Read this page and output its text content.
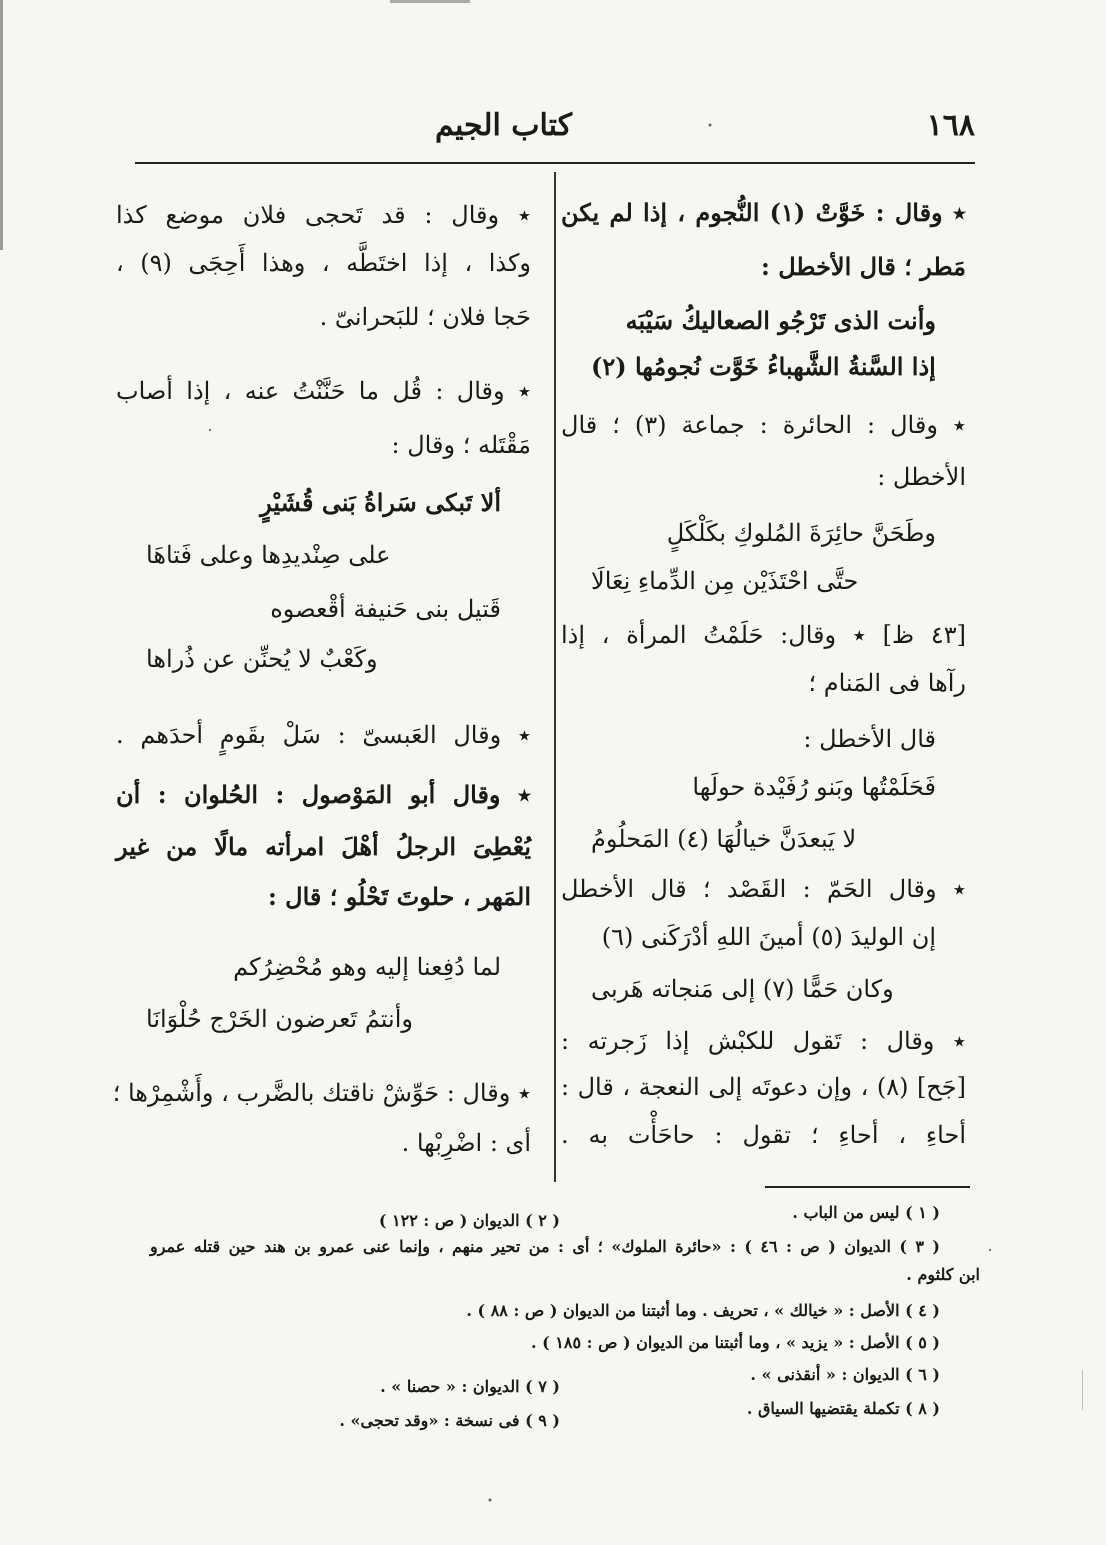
١٦٨
كتاب الجيم
٭ وقال : خَوَّتْ (١) النُّجوم ، إذا لم يكن
مَطر ؛ قال الأخطل :
وأنت الذى تَرْجُو الصعاليكُ سَيْبَه
إذا السَّنةُ الشَّهباءُ خَوَّت نُجومُها (٢)
٭ وقال : الحائرة : جماعة (٣) ؛ قال
الأخطل :
وطَحَنَّ حائِرَةَ المُلوكِ بكَلْكَلٍ
حتَّى احْتَذَيْن مِن الدِّماءِ نِعَالَا
[٤٣ ظ] ٭ وقال: حَلَمْتُ المرأة ، إذا
رآها فى المَنام ؛
قال الأخطل :
فَحَلَمْتُها وبَنو رُفَيْدة حولَها
لا يَبعدَنَّ خيالُهَا (٤) المَحلُومُ
٭ وقال الحَمّ : القَصْد ؛ قال الأخطل
إن الوليدَ (٥) أمينَ اللهِ أدْرَكَنى (٦)
وكان حَمًّا (٧) إلى مَنجاته هَربى
٭ وقال : تَقول للكبْش إذا زَجرته :
[جَح] (٨) ، وإن دعوتَه إلى النعجة ، قال :
أحاءِ ، أحاءِ ؛ تقول : حاحَأْت به .
٭ وقال : قد تَحجى فلان موضع كذا
وكذا ، إذا اختَطَّه ، وهذا أَحِجَى (٩) ،
حَجا فلان ؛ للبَحرانىّ .
٭ وقال : قُل ما حَنَّنْتُ عنه ، إذا أصاب
مَقْتَله ؛ وقال :
ألا تَبكى سَراةُ بَنى قُشَيْرٍ
على صِنْديدِها وعلى فَتاهَا
قَتيل بنى حَنيفة أقْعصوه
وكَعْبٌ لا يُحنِّن عن ذُراها
٭ وقال العَبسىّ : سَلْ بقَومٍ أحدَهم .
٭ وقال أبو المَوْصول : الحُلوان : أن
يُعْطِىَ الرجلُ أهْلَ امرأته مالًا من غير
المَهر ، حلوتَ تَحْلُو ؛ قال :
لما دُفِعنا إليه وهو مُحْضِرُكم
وأنتمُ تَعرضون الخَرْج حُلْوَانَا
٭ وقال : حَوِّشْ ناقتك بالضَّرب ، وأَشْمِرْها ؛
أى : اضْرِبْها .
( ١ ) ليس من الباب .
( ٢ ) الديوان ( ص : ١٢٢ )
( ٣ ) الديوان ( ص : ٤٦ ) : «حائرة الملوك» ؛ أى : من تحير منهم ، وإنما عنى عمرو بن هند حين قتله عمرو
ابن كلثوم .
( ٤ ) الأصل : « خيالك » ، تحريف . وما أثبتنا من الديوان ( ص : ٨٨ ) .
( ٥ ) الأصل : « يزيد » ، وما أثبتنا من الديوان ( ص : ١٨٥ ) .
( ٦ ) الديوان : « أنقذنى » .
( ٧ ) الديوان : « حصنا » .
( ٨ ) تكملة يقتضيها السياق .
( ٩ ) فى نسخة : «وقد تحجى» .
